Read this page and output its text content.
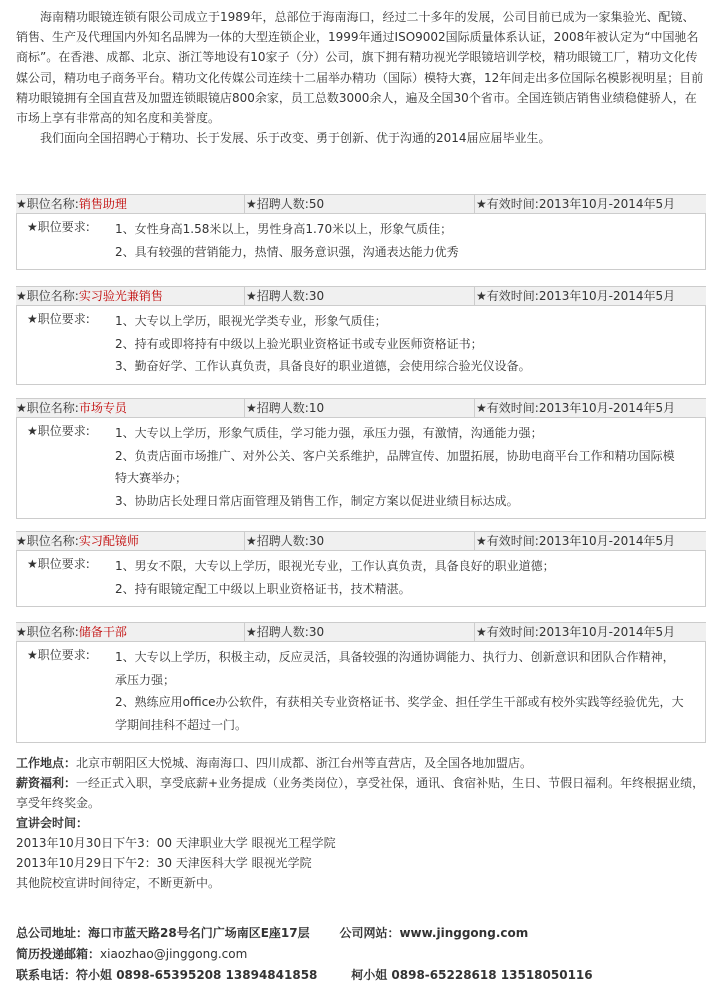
海南精功眼镜连锁有限公司成立于1989年，总部位于海南海口，经过二十多年的发展，公司目前已成为一家集验光、配镜、销售、生产及代理国内外知名品牌为一体的大型连锁企业，1999年通过ISO9002国际质量体系认证，2008年被认定为“中国驰名商标”。在香港、成都、北京、浙江等地设有10家子（分）公司，旗下拥有精功视光学眼镜培训学校，精功眼镜工厂，精功文化传媒公司，精功电子商务平台。精功文化传媒公司连续十二届举办精功（国际）模特大赛，12年间走出多位国际名模影视明星；目前精功眼镜拥有全国直营及加盟连锁眼镜店800余家，员工总数3000余人，遍及全国30个省市。全国连锁店销售业绩稳健骄人，在市场上享有非常高的知名度和美誉度。

我们面向全国招聘心于精功、长于发展、乐于改变、勇于创新、优于沟通的2014届应届毕业生。

★职位名称:销售助理	★招聘人数:50	★有效时间:2013年10月-2014年5月
★职位要求: 1、女性身高1.58米以上，男性身高1.70米以上，形象气质佳；
2、具有较强的营销能力，热情、服务意识强，沟通表达能力优秀
★职位名称:实习验光兼销售	★招聘人数:30	★有效时间:2013年10月-2014年5月
★职位要求: 1、大专以上学历，眼视光学类专业，形象气质佳；
2、持有或即将持有中级以上验光职业资格证书或专业医师资格证书；
3、勤奋好学、工作认真负责，具备良好的职业道德，会使用综合验光仪设备。
★职位名称:市场专员	★招聘人数:10	★有效时间:2013年10月-2014年5月
★职位要求: 1、大专以上学历，形象气质佳，学习能力强，承压力强，有激情，沟通能力强；
2、负责店面市场推广、对外公关、客户关系维护，品牌宣传、加盟拓展，协助电商平台工作和精功国际模特大赛举办；
3、协助店长处理日常店面管理及销售工作，制定方案以促进业绩目标达成。
★职位名称:实习配镜师	★招聘人数:30	★有效时间:2013年10月-2014年5月
★职位要求: 1、男女不限，大专以上学历，眼视光专业，工作认真负责，具备良好的职业道德；
2、持有眼镜定配工中级以上职业资格证书，技术精湛。
★职位名称:储备干部	★招聘人数:30	★有效时间:2013年10月-2014年5月
★职位要求: 1、大专以上学历，积极主动，反应灵活，具备较强的沟通协调能力、执行力、创新意识和团队合作精神，承压力强；
2、熟练应用office办公软件，有获相关专业资格证书、奖学金、担任学生干部或有校外实践等经验优先，大学期间挂科不超过一门。

工作地点：北京市朝阳区大悦城、海南海口、四川成都、浙江台州等直营店，及全国各地加盟店。

薪资福利：一经正式入职，享受底薪+业务提成（业务类岗位），享受社保，通讯、食宿补贴，生日、节假日福利。年终根据业绩，享受年终奖金。

宣讲会时间：

2013年10月30日下午3：00 天津职业大学 眼视光工程学院

2013年10月29日下午2：30 天津医科大学 眼视光学院

其他院校宣讲时间待定，不断更新中。

总公司地址：海口市蓝天路28号名门广场南区E座17层 公司网站：www.jinggong.com

简历投递邮箱：xiaozhao@jinggong.com

联系电话：符小姐 0898-65395208 13894841858	柯小姐 0898-65228618 13518050116
